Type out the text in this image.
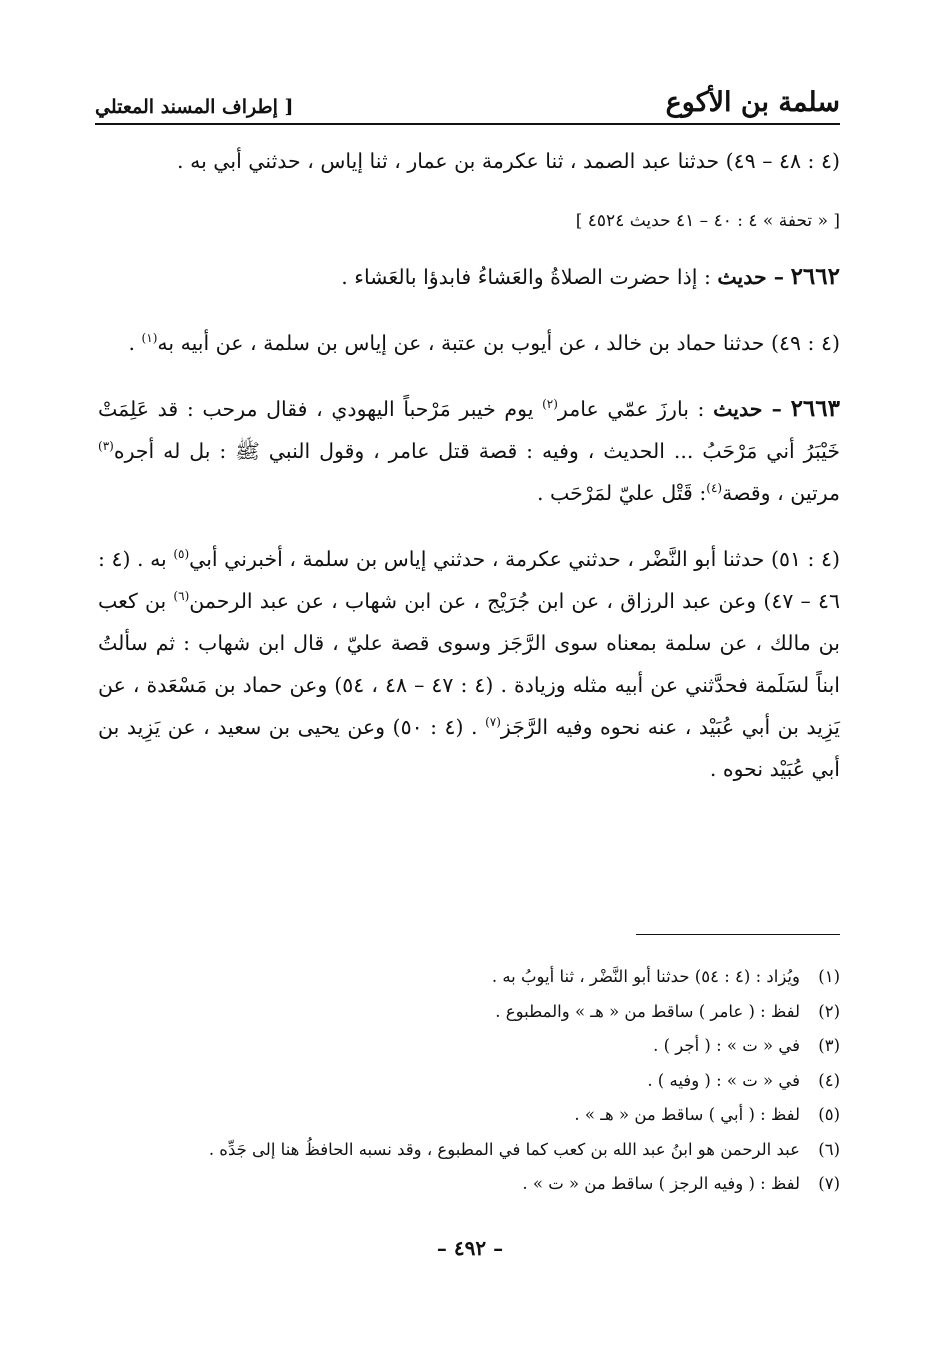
سلمة بن الأكوع
[ إطراف المسند المعتلي

(٤ : ٤٨ – ٤٩) حدثنا عبد الصمد ، ثنا عكرمة بن عمار ، ثنا إياس ، حدثني أبي به .

[ « تحفة » ٤ : ٤٠ – ٤١ حديث ٤٥٢٤ ]

٢٦٦٢ – حديث : إذا حضرت الصلاةُ والعَشاءُ فابدؤا بالعَشاء .

(٤ : ٤٩) حدثنا حماد بن خالد ، عن أيوب بن عتبة ، عن إياس بن سلمة ، عن أبيه به$^{(١)}$ .

٢٦٦٣ – حديث : بارزَ عمّي عامر$^{(٢)}$ يوم خيبر مَرْحباً اليهودي ، فقال مرحب : قد عَلِمَتْ خَيْبَرُ أني مَرْحَبُ ... الحديث ، وفيه : قصة قتل عامر ، وقول النبي ﷺ : بل له أجره$^{(٣)}$ مرتين ، وقصة$^{(٤)}$: قَتْل عليّ لمَرْحَب .

(٤ : ٥١) حدثنا أبو النَّضْر ، حدثني عكرمة ، حدثني إياس بن سلمة ، أخبرني أبي$^{(٥)}$ به . (٤ : ٤٦ – ٤٧) وعن عبد الرزاق ، عن ابن جُرَيْج ، عن ابن شهاب ، عن عبد الرحمن$^{(٦)}$ بن كعب بن مالك ، عن سلمة بمعناه سوى الرَّجَز وسوى قصة عليّ ، قال ابن شهاب : ثم سألتُ ابناً لسَلَمة فحدَّثني عن أبيه مثله وزيادة . (٤ : ٤٧ – ٤٨ ، ٥٤) وعن حماد بن مَسْعَدة ، عن يَزِيد بن أبي عُبَيْد ، عنه نحوه وفيه الرَّجَز$^{(٧)}$ . (٤ : ٥٠) وعن يحيى بن سعيد ، عن يَزِيد بن أبي عُبَيْد نحوه .

(١)ويُزاد : (٤ : ٥٤) حدثنا أبو النَّضْر ، ثنا أيوبُ به .
(٢)لفظ : ( عامر ) ساقط من « هـ » والمطبوع .
(٣)في « ت » : ( أجر ) .
(٤)في « ت » : ( وفيه ) .
(٥)لفظ : ( أبي ) ساقط من « هـ » .
(٦)عبد الرحمن هو ابنُ عبد الله بن كعب كما في المطبوع ، وقد نسبه الحافظُ هنا إلى جَدِّه .
(٧)لفظ : ( وفيه الرجز ) ساقط من « ت » .
– ٤٩٢ –
